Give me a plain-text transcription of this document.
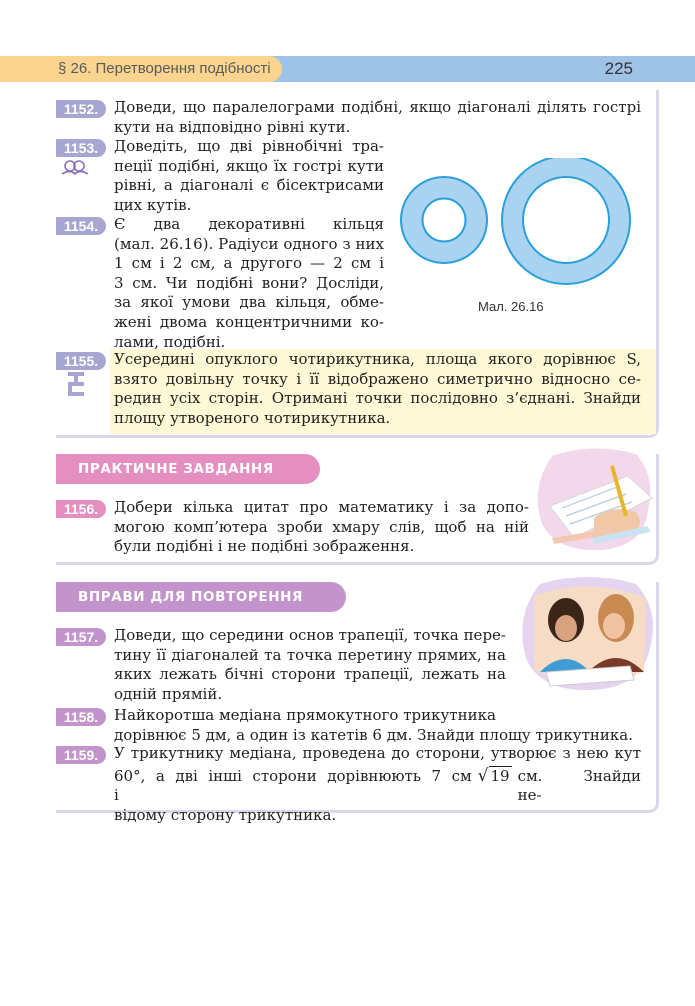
§ 26. Перетворення подібності	225
1152.	Доведи, що паралелограми подібні, якщо діагоналі ділять гострі
кути на відповідно рівні кути.
1153.	Доведіть, що дві рівнобічні тра-
пеції подібні, якщо їх гострі кути
рівні, а діагоналі є бісектрисами
цих кутів.
1154.	Є два декоративні кільця
(мал. 26.16). Радіуси одного з них
1 см і 2 см, а другого — 2 см і
3 см. Чи подібні вони? Досліди,
за якої умови два кільця, обме-
жені двома концентричними ко-
лами, подібні.
Мал. 26.16
1155.	Усередині опуклого чотирикутника, площа якого дорівнює S,
взято довільну точку і її відображено симетрично відносно се-
редин усіх сторін. Отримані точки послідовно з’єднані. Знайди
площу утвореного чотирикутника.
ПРАКТИЧНЕ ЗАВДАННЯ
1156.	Добери кілька цитат про математику і за допо-
могою комп’ютера зроби хмару слів, щоб на ній
були подібні і не подібні зображення.
ВПРАВИ ДЛЯ ПОВТОРЕННЯ
1157.	Доведи, що середини основ трапеції, точка пере-
тину її діагоналей та точка перетину прямих, на
яких лежать бічні сторони трапеції, лежать на
одній прямій.
1158.	Найкоротша медіана прямокутного трикутника
дорівнює 5 дм, а один із катетів 6 дм. Знайди площу трикутника.
1159.	У трикутнику медіана, проведена до сторони, утворює з нею кут
60°, а дві інші сторони дорівнюють 7 см і
√ 19 см. Знайди не-
відому сторону трикутника.
